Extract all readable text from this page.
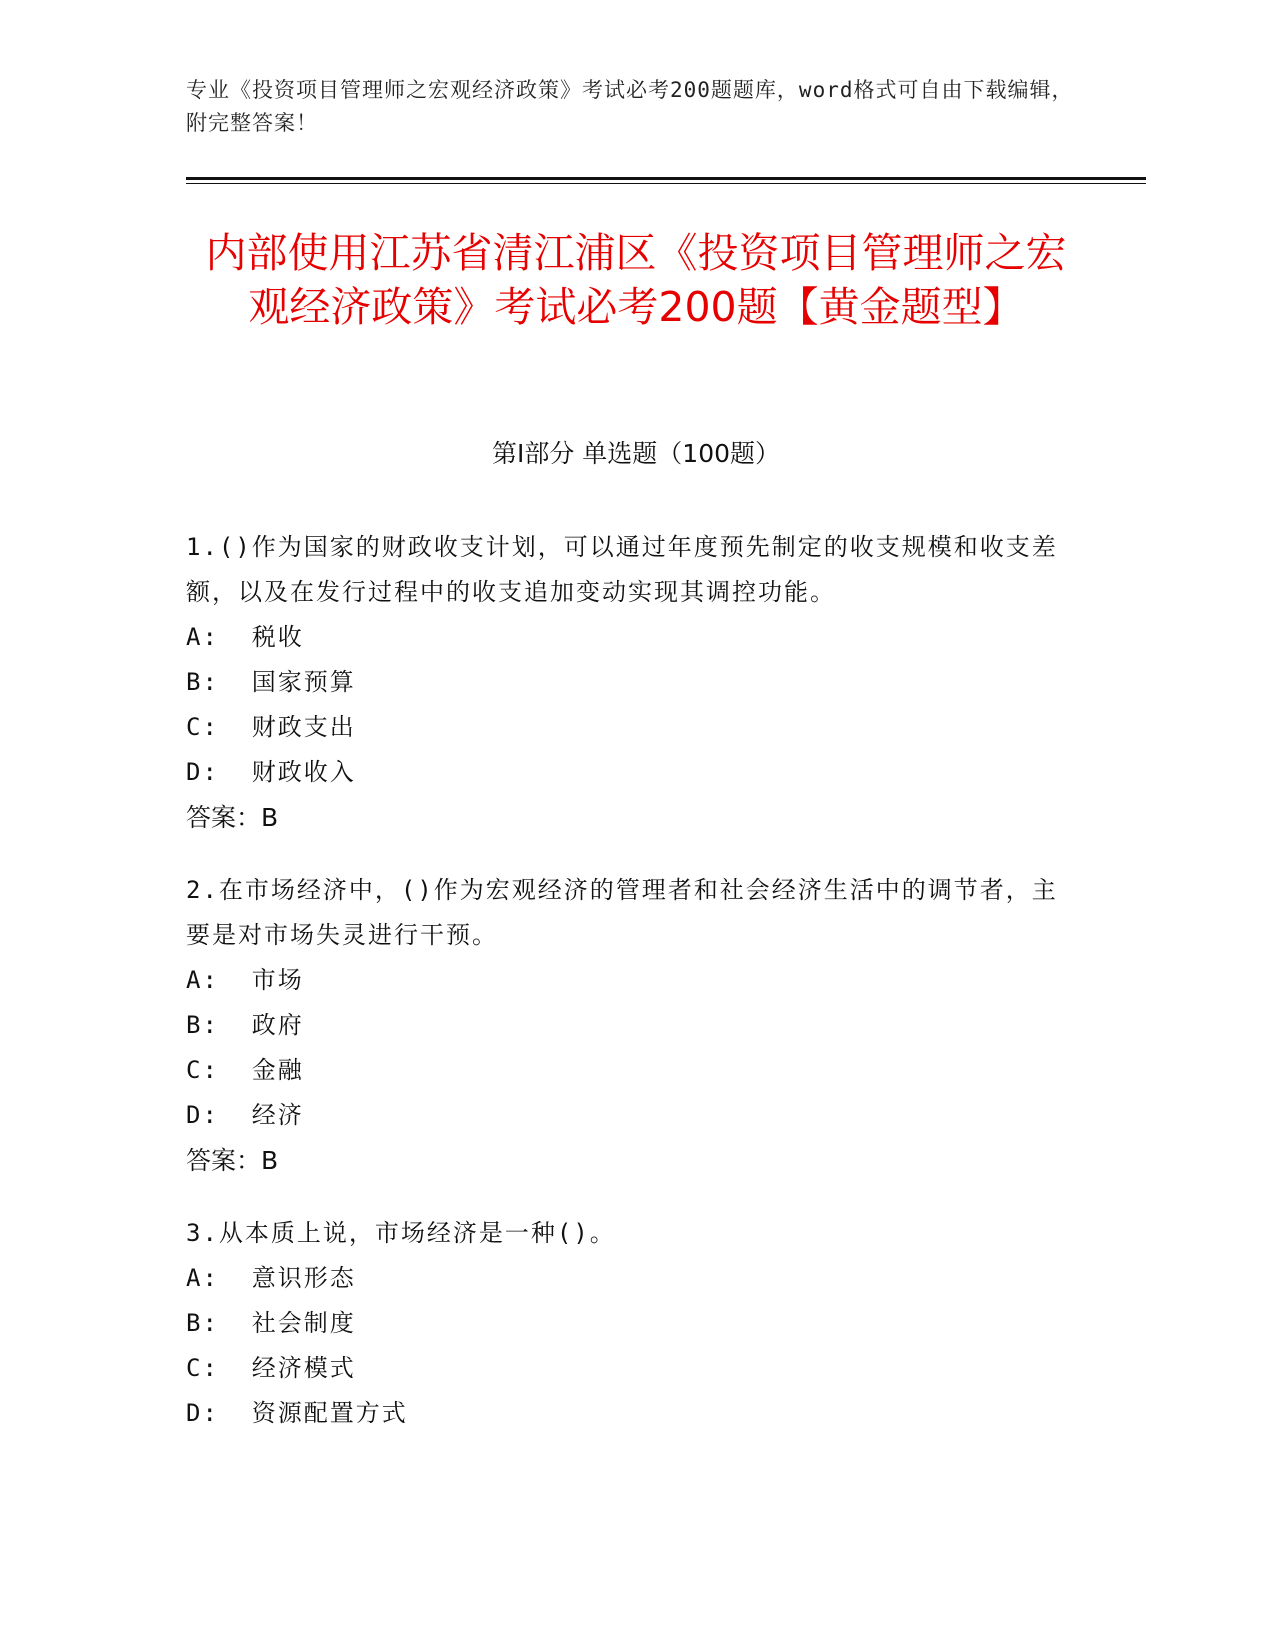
专业《投资项目管理师之宏观经济政策》考试必考200题题库，word格式可自由下载编辑，附完整答案！
内部使用江苏省清江浦区《投资项目管理师之宏观经济政策》考试必考200题【黄金题型】
第I部分 单选题（100题）
1.()作为国家的财政收支计划，可以通过年度预先制定的收支规模和收支差额，以及在发行过程中的收支追加变动实现其调控功能。
A:  税收
B:  国家预算
C:  财政支出
D:  财政收入
答案：B
2.在市场经济中，()作为宏观经济的管理者和社会经济生活中的调节者，主要是对市场失灵进行干预。
A:  市场
B:  政府
C:  金融
D:  经济
答案：B
3.从本质上说，市场经济是一种()。
A:  意识形态
B:  社会制度
C:  经济模式
D:  资源配置方式
